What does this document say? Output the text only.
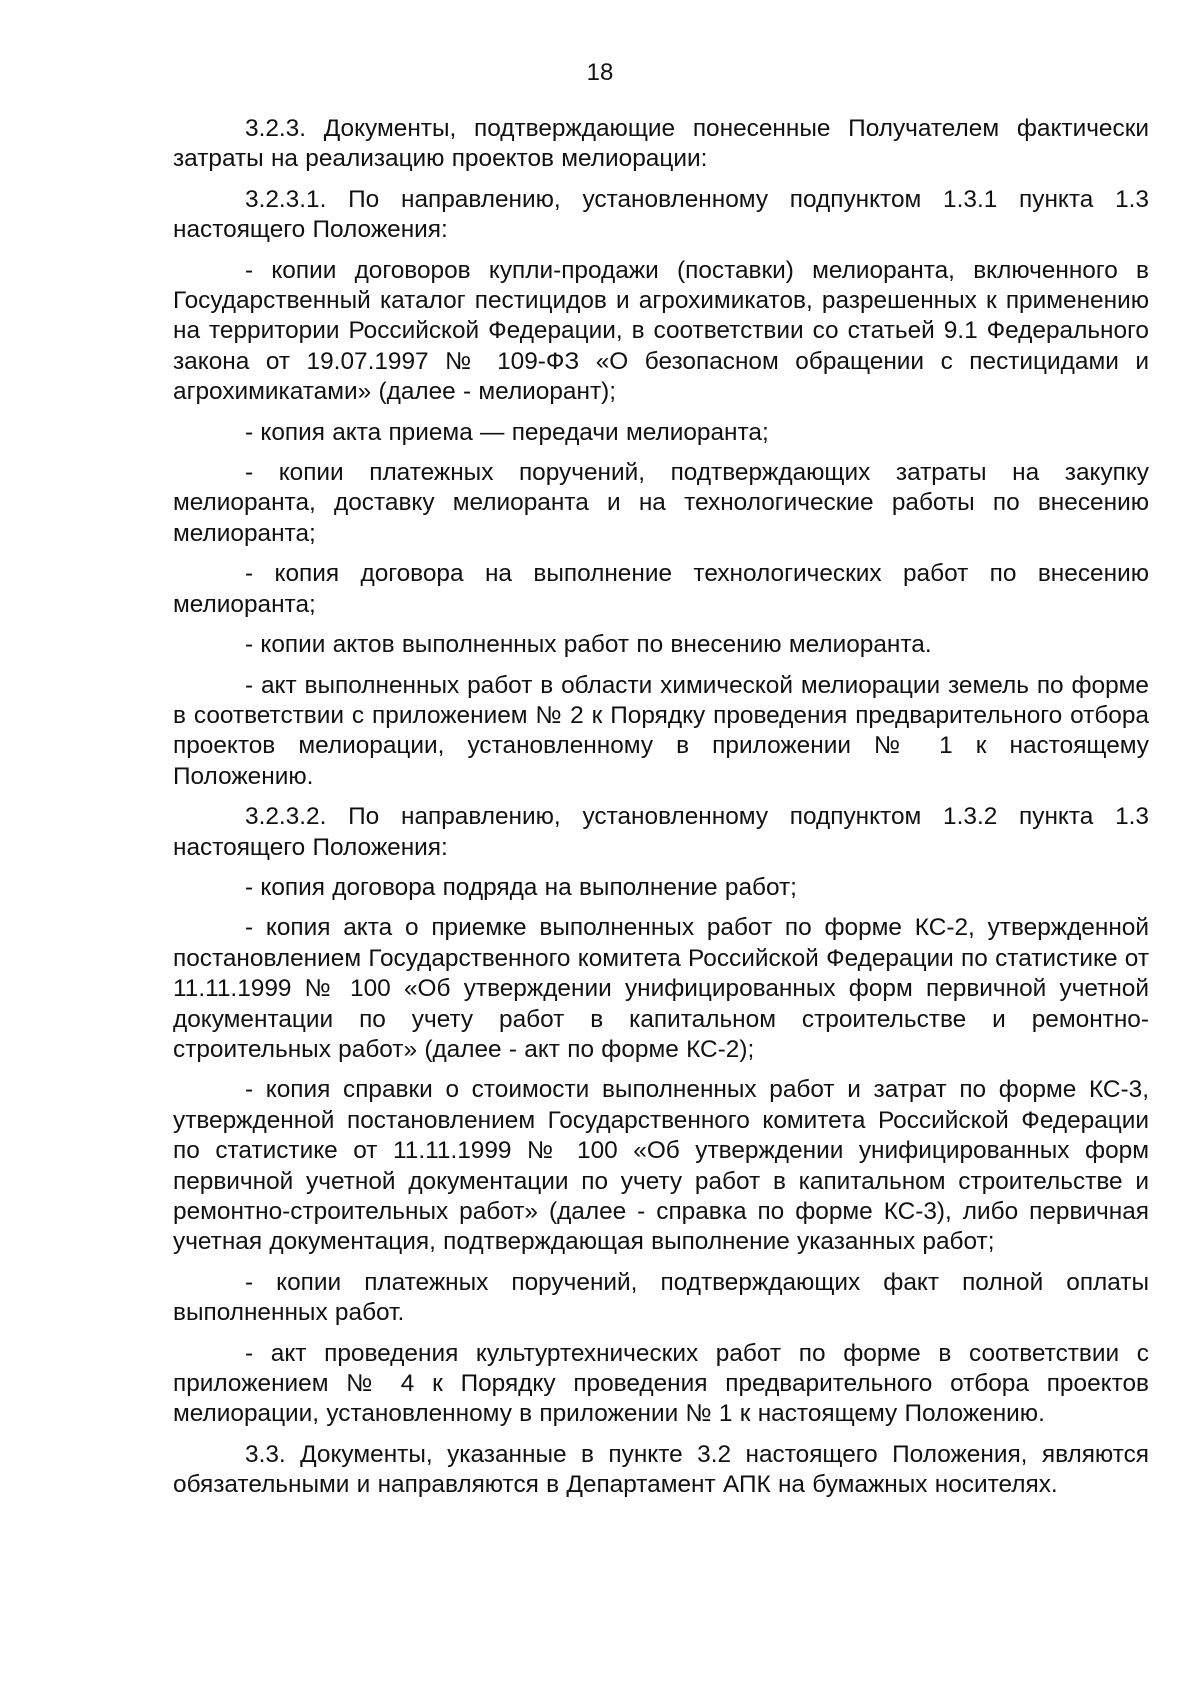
18

3.2.3. Документы, подтверждающие понесенные Получателем фактически затраты на реализацию проектов мелиорации:

3.2.3.1. По направлению, установленному подпунктом 1.3.1 пункта 1.3 настоящего Положения:

- копии договоров купли-продажи (поставки) мелиоранта, включенного в Государственный каталог пестицидов и агрохимикатов, разрешенных к применению на территории Российской Федерации, в соответствии со статьей 9.1 Федерального закона от 19.07.1997 № 109-ФЗ «О безопасном обращении с пестицидами и агрохимикатами» (далее - мелиорант);

- копия акта приема — передачи мелиоранта;

- копии платежных поручений, подтверждающих затраты на закупку мелиоранта, доставку мелиоранта и на технологические работы по внесению мелиоранта;

- копия договора на выполнение технологических работ по внесению мелиоранта;

- копии актов выполненных работ по внесению мелиоранта.

- акт выполненных работ в области химической мелиорации земель по форме в соответствии с приложением № 2 к Порядку проведения предварительного отбора проектов мелиорации, установленному в приложении № 1 к настоящему Положению.

3.2.3.2. По направлению, установленному подпунктом 1.3.2 пункта 1.3 настоящего Положения:

- копия договора подряда на выполнение работ;

- копия акта о приемке выполненных работ по форме КС-2, утвержденной постановлением Государственного комитета Российской Федерации по статистике от 11.11.1999 № 100 «Об утверждении унифицированных форм первичной учетной документации по учету работ в капитальном строительстве и ремонтно-строительных работ» (далее - акт по форме КС-2);

- копия справки о стоимости выполненных работ и затрат по форме КС-3, утвержденной постановлением Государственного комитета Российской Федерации по статистике от 11.11.1999 № 100 «Об утверждении унифицированных форм первичной учетной документации по учету работ в капитальном строительстве и ремонтно-строительных работ» (далее - справка по форме КС-3), либо первичная учетная документация, подтверждающая выполнение указанных работ;

- копии платежных поручений, подтверждающих факт полной оплаты выполненных работ.

- акт проведения культуртехнических работ по форме в соответствии с приложением № 4 к Порядку проведения предварительного отбора проектов мелиорации, установленному в приложении № 1 к настоящему Положению.

3.3. Документы, указанные в пункте 3.2 настоящего Положения, являются обязательными и направляются в Департамент АПК на бумажных носителях.
